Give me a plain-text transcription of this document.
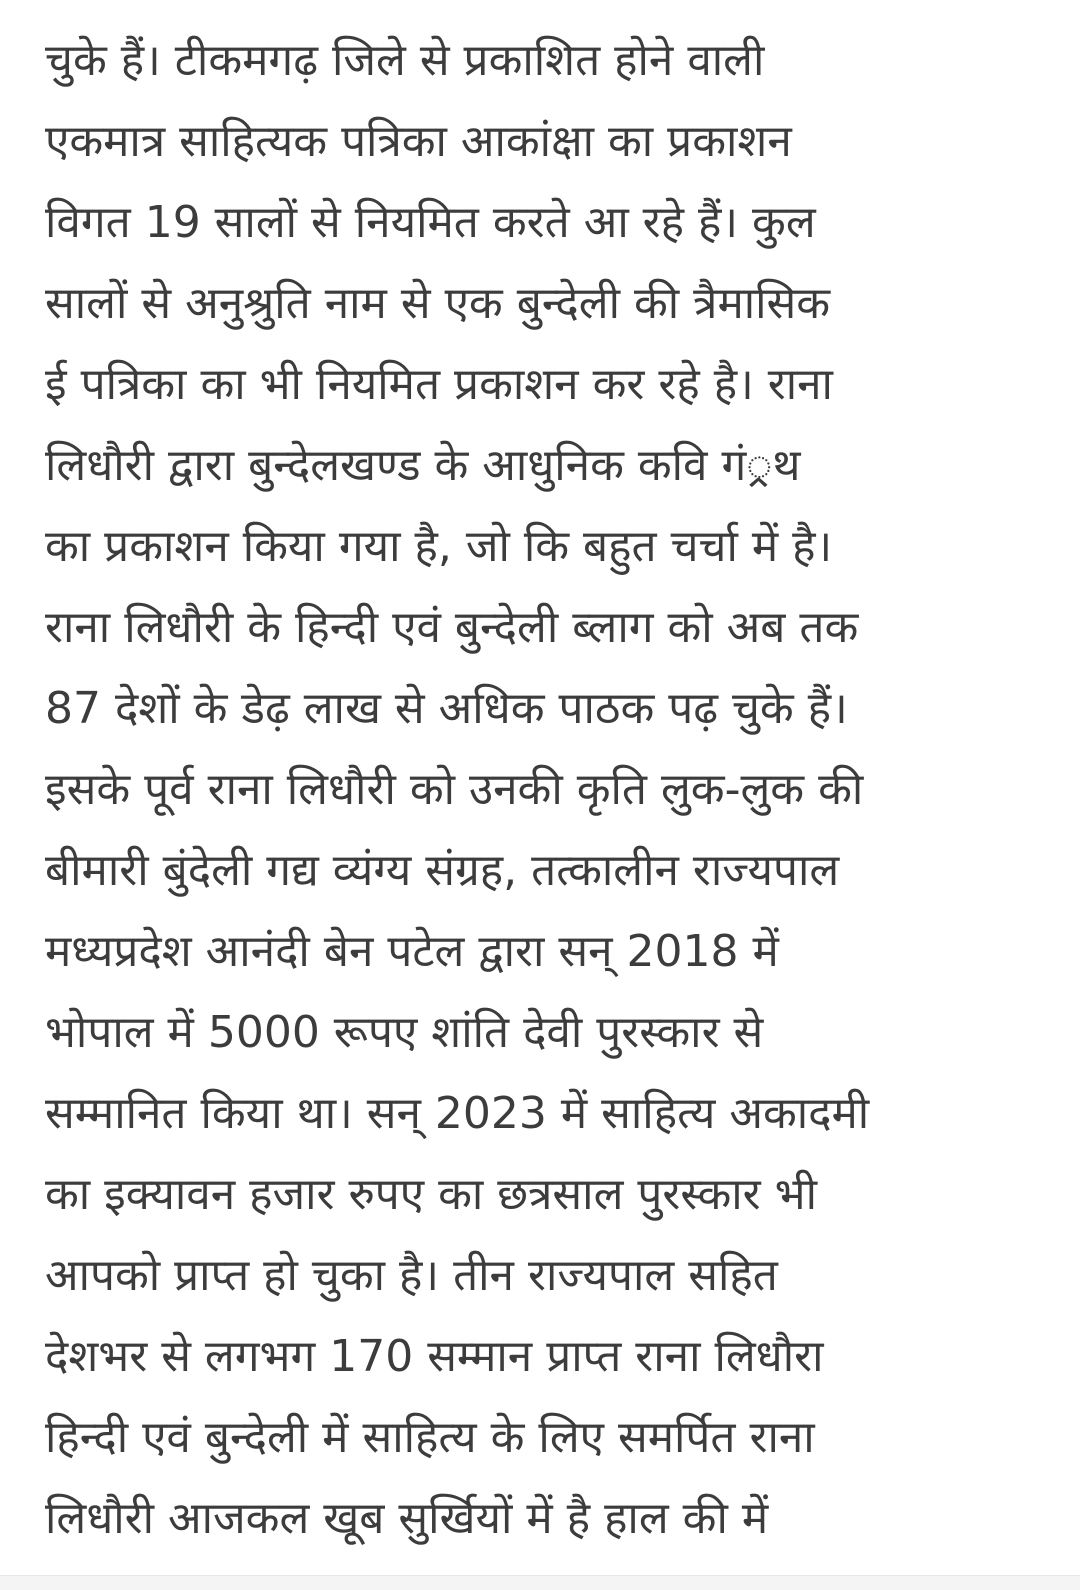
चुके हैं। टीकमगढ़ जिले से प्रकाशित होने वाली
एकमात्र साहित्यक पत्रिका आकांक्षा का प्रकाशन
विगत 19 सालों से नियमित करते आ रहे हैं। कुल
सालों से अनुश्रुति नाम से एक बुन्देली की त्रैमासिक
ई पत्रिका का भी नियमित प्रकाशन कर रहे है। राना
लिधौरी द्वारा बुन्देलखण्ड के आधुनिक कवि गं्रथ
का प्रकाशन किया गया है, जो कि बहुत चर्चा में है।
राना लिधौरी के हिन्दी एवं बुन्देली ब्लाग को अब तक
87 देशों के डेढ़ लाख से अधिक पाठक पढ़ चुके हैं।
इसके पूर्व राना लिधौरी को उनकी कृति लुक-लुक की
बीमारी बुंदेली गद्य व्यंग्य संग्रह, तत्कालीन राज्यपाल
मध्यप्रदेश आनंदी बेन पटेल द्वारा सन् 2018 में
भोपाल में 5000 रूपए शांति देवी पुरस्कार से
सम्मानित किया था। सन् 2023 में साहित्य अकादमी
का इक्यावन हजार रुपए का छत्रसाल पुरस्कार भी
आपको प्राप्त हो चुका है। तीन राज्यपाल सहित
देशभर से लगभग 170 सम्मान प्राप्त राना लिधौरा
हिन्दी एवं बुन्देली में साहित्य के लिए समर्पित राना
लिधौरी आजकल खूब सुर्खियों में है हाल की में
